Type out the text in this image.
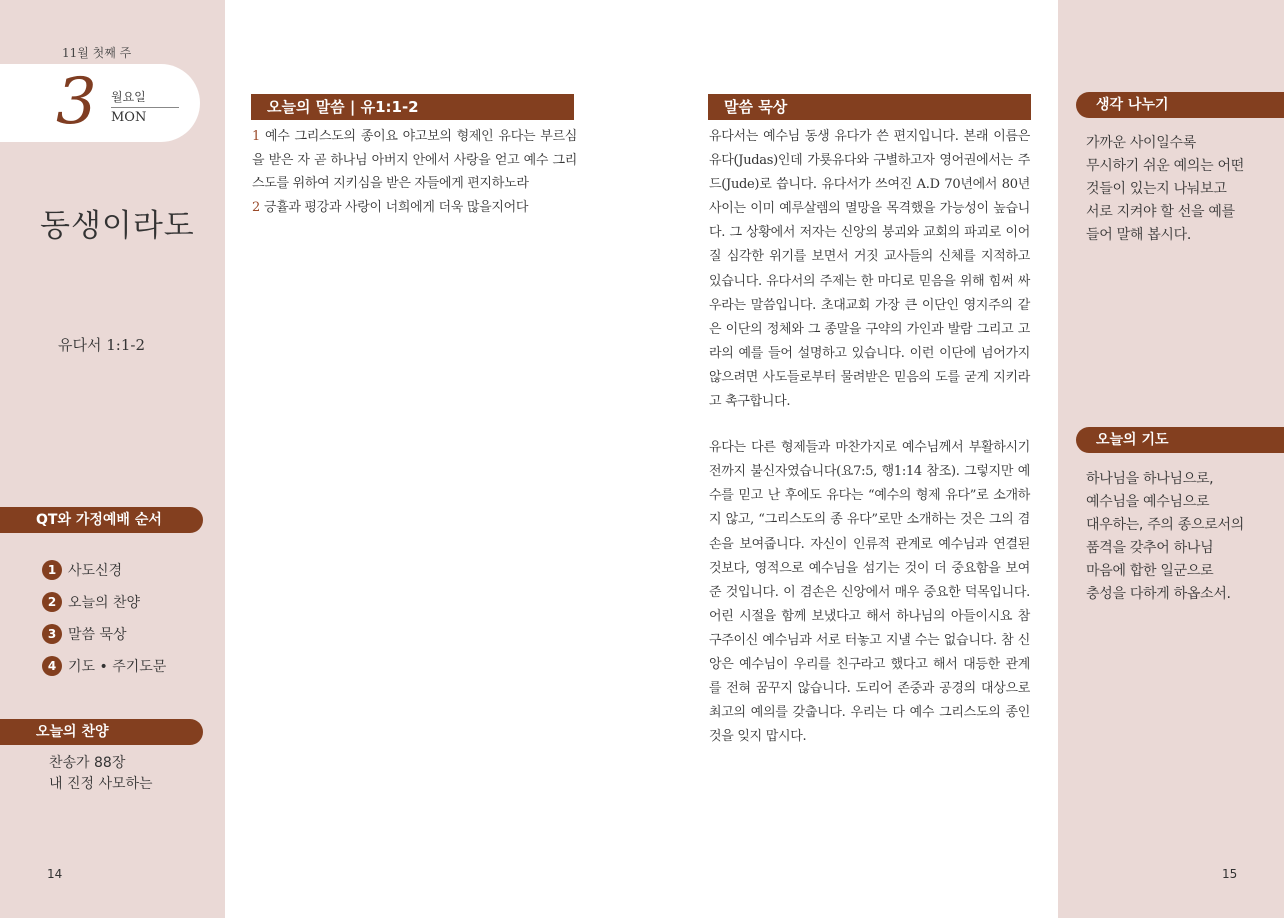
11월 첫째 주
3 월요일
MON
동생이라도
유다서 1:1-2
QT와 가정예배 순서
1 사도신경
2 오늘의 찬양
3 말씀 묵상
4 기도 • 주기도문
오늘의 찬양
찬송가 88장
내 진정 사모하는
14
오늘의 말씀 | 유1:1-2
1 예수 그리스도의 종이요 야고보의 형제인 유다는 부르심을 받은 자 곧 하나님 아버지 안에서 사랑을 얻고 예수 그리스도를 위하여 지키심을 받은 자들에게 편지하노라
2 긍휼과 평강과 사랑이 너희에게 더욱 많을지어다
말씀 묵상

유다서는 예수님 동생 유다가 쓴 편지입니다. 본래 이름은 유다(Judas)인데 가룟유다와 구별하고자 영어권에서는 주드(Jude)로 씁니다. 유다서가 쓰여진 A.D 70년에서 80년 사이는 이미 예루살렘의 멸망을 목격했을 가능성이 높습니다. 그 상황에서 저자는 신앙의 붕괴와 교회의 파괴로 이어질 심각한 위기를 보면서 거짓 교사들의 신체를 지적하고 있습니다. 유다서의 주제는 한 마디로 믿음을 위해 힘써 싸우라는 말씀입니다. 초대교회 가장 큰 이단인 영지주의 같은 이단의 정체와 그 종말을 구약의 가인과 발람 그리고 고라의 예를 들어 설명하고 있습니다. 이런 이단에 넘어가지 않으려면 사도들로부터 물려받은 믿음의 도를 굳게 지키라고 촉구합니다.

유다는 다른 형제들과 마찬가지로 예수님께서 부활하시기 전까지 불신자였습니다(요7:5, 행1:14 참조). 그렇지만 예수를 믿고 난 후에도 유다는 “예수의 형제 유다”로 소개하지 않고, “그리스도의 종 유다”로만 소개하는 것은 그의 겸손을 보여줍니다. 자신이 인류적 관계로 예수님과 연결된 것보다, 영적으로 예수님을 섬기는 것이 더 중요함을 보여준 것입니다. 이 겸손은 신앙에서 매우 중요한 덕목입니다. 어린 시절을 함께 보냈다고 해서 하나님의 아들이시요 참 구주이신 예수님과 서로 터놓고 지낼 수는 없습니다. 참 신앙은 예수님이 우리를 친구라고 했다고 해서 대등한 관계를 전혀 꿈꾸지 않습니다. 도리어 존중과 공경의 대상으로 최고의 예의를 갖춥니다. 우리는 다 예수 그리스도의 종인 것을 잊지 맙시다.

15
생각 나누기
가까운 사이일수록
무시하기 쉬운 예의는 어떤
것들이 있는지 나눠보고
서로 지켜야 할 선을 예를
들어 말해 봅시다.
오늘의 기도
하나님을 하나님으로,
예수님을 예수님으로
대우하는, 주의 종으로서의
품격을 갖추어 하나님
마음에 합한 일군으로
충성을 다하게 하옵소서.
